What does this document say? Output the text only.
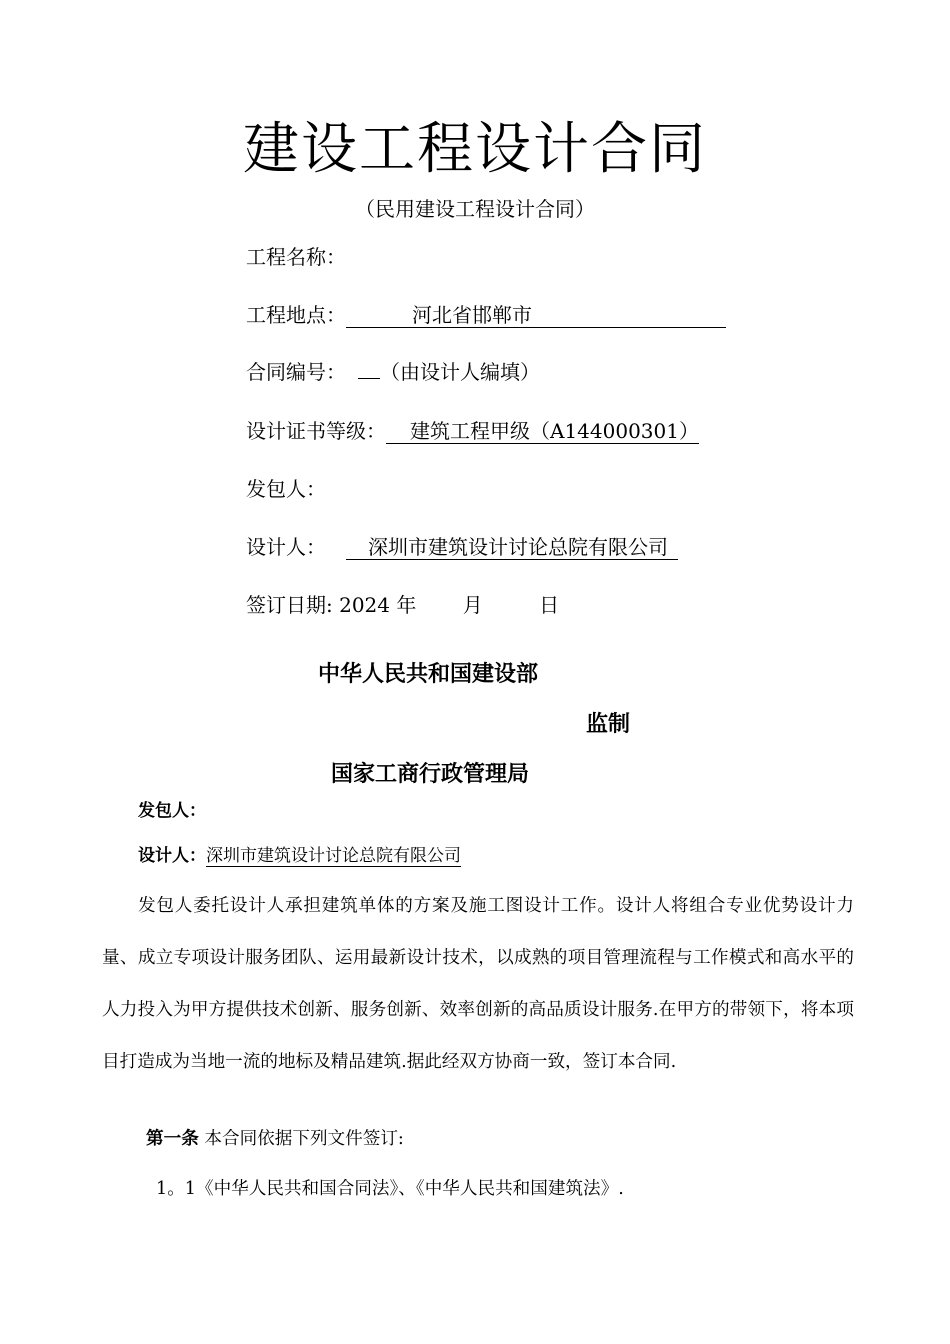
建设工程设计合同
（民用建设工程设计合同）
工程名称：
工程地点：	河北省邯郸市
合同编号： （由设计人编填）
设计证书等级： 建筑工程甲级（A144000301）
发包人：
设计人： 深圳市建筑设计讨论总院有限公司
签订日期: 2024 年 月	日
中华人民共和国建设部
监制
国家工商行政管理局
发包人：
设计人：深圳市建筑设计讨论总院有限公司
发包人委托设计人承担建筑单体的方案及施工图设计工作。设计人将组合专业优势设计力量、成立专项设计服务团队、运用最新设计技术，以成熟的项目管理流程与工作模式和高水平的人力投入为甲方提供技术创新、服务创新、效率创新的高品质设计服务.在甲方的带领下，将本项目打造成为当地一流的地标及精品建筑.据此经双方协商一致，签订本合同.
第一条 本合同依据下列文件签订:
1。1《中华人民共和国合同法》、《中华人民共和国建筑法》.
